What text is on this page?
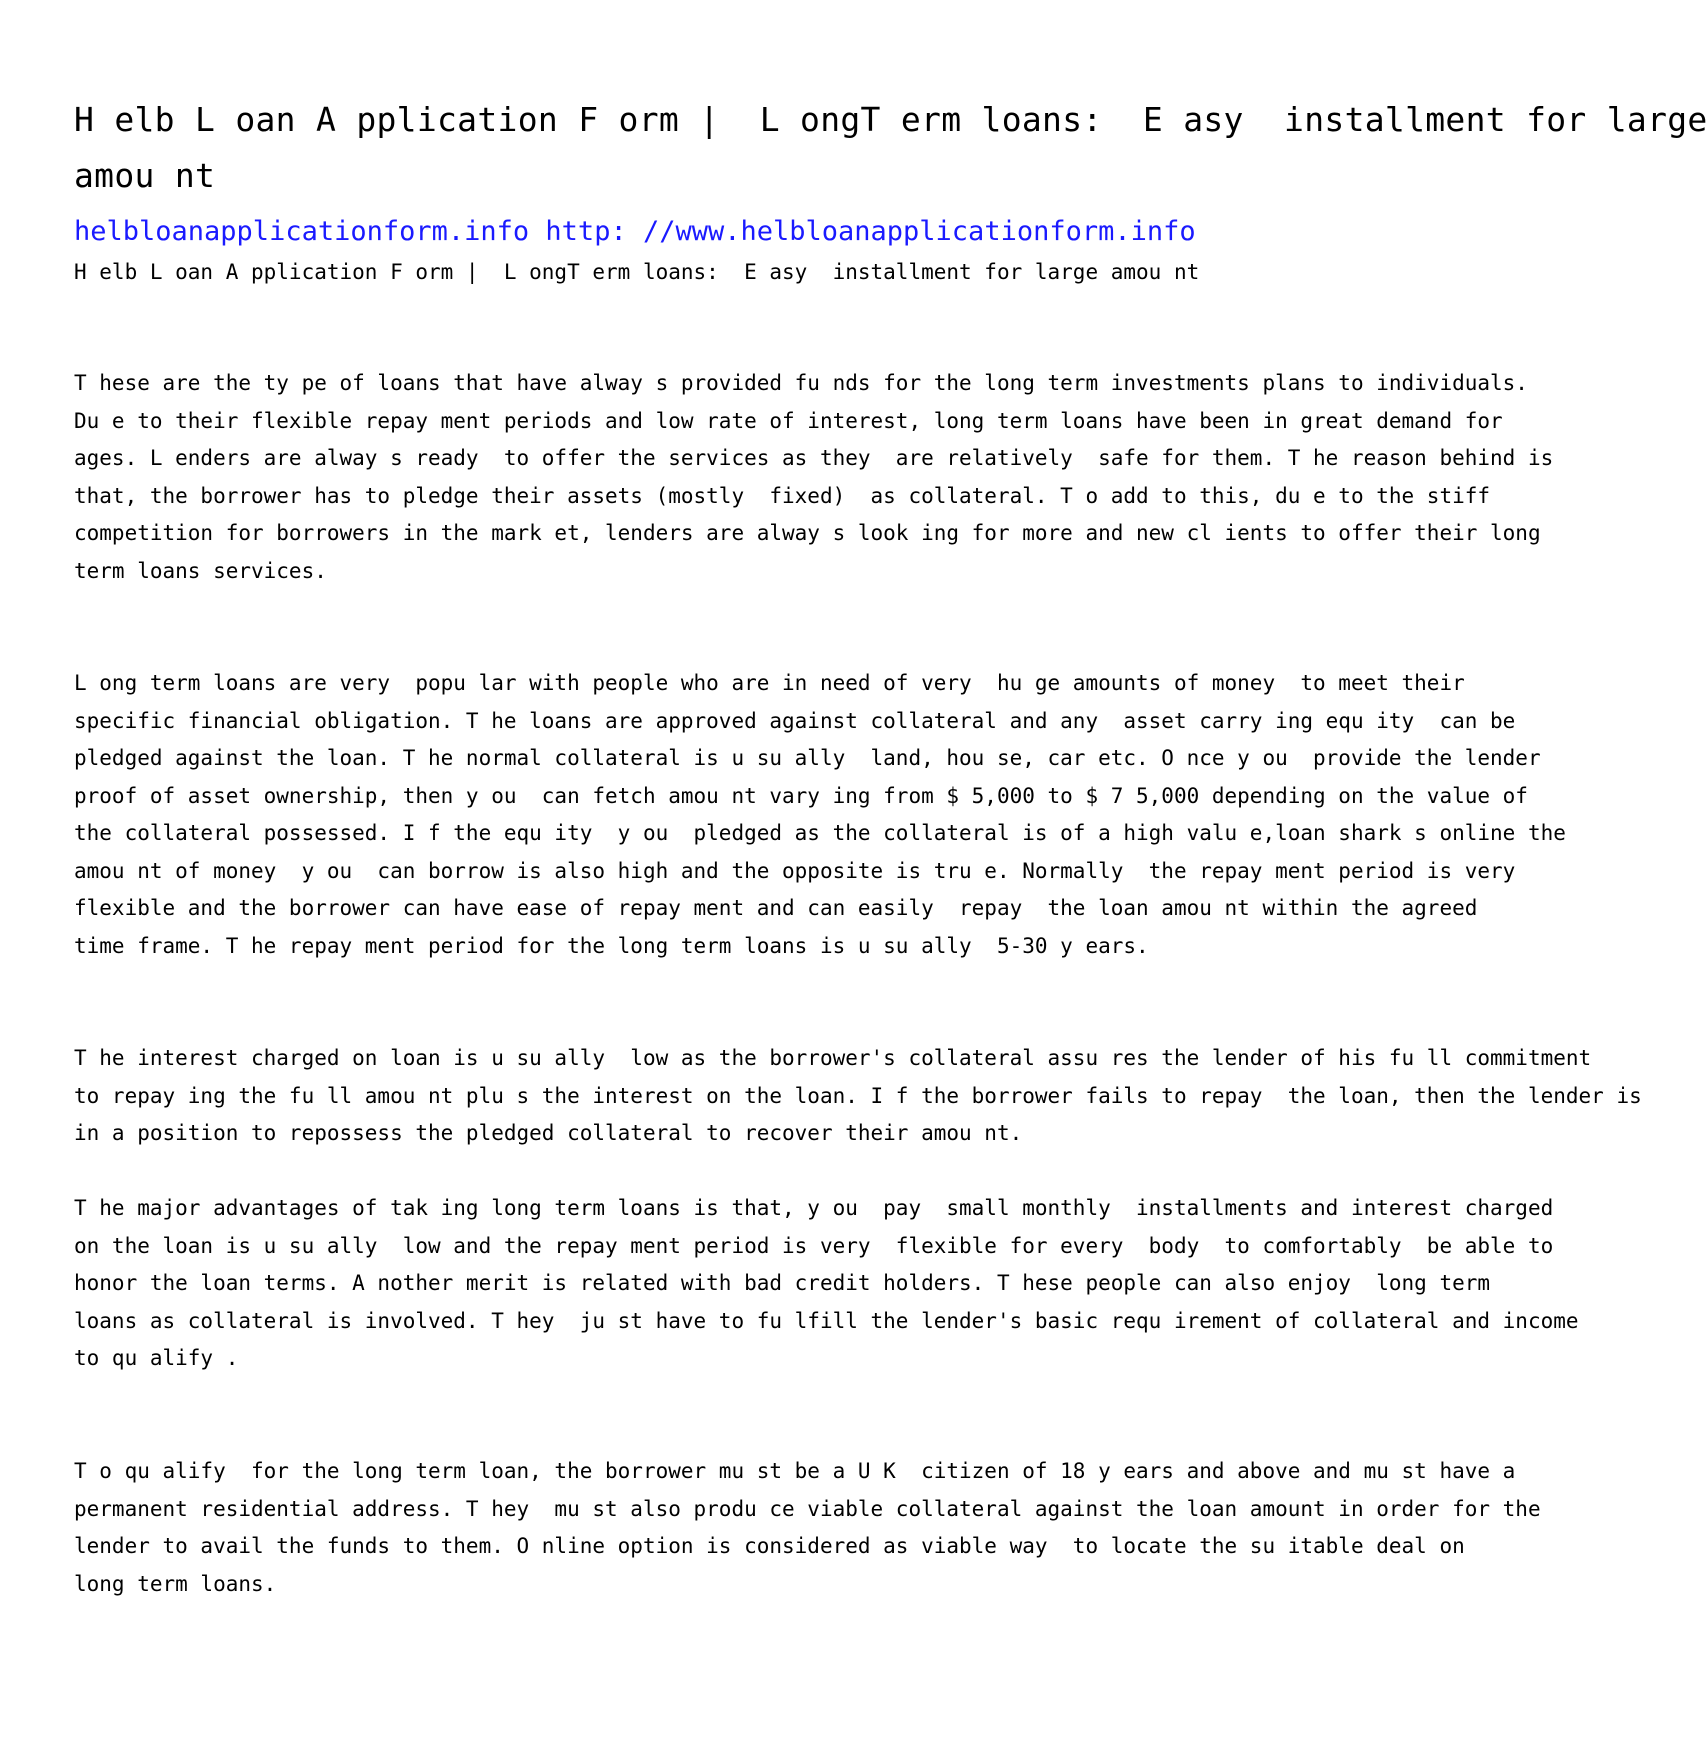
H elb L oan A pplication F orm |  L ongT erm loans:  E asy  installment for large
amou nt
helbloanapplicationform.info http: //www.helbloanapplicationform.info
H elb L oan A pplication F orm |  L ongT erm loans:  E asy  installment for large amou nt
T hese are the ty pe of loans that have alway s provided fu nds for the long term investments plans to individuals.
Du e to their flexible repay ment periods and low rate of interest, long term loans have been in great demand for
ages. L enders are alway s ready  to offer the services as they  are relatively  safe for them. T he reason behind is
that, the borrower has to pledge their assets (mostly  fixed)  as collateral. T o add to this, du e to the stiff
competition for borrowers in the mark et, lenders are alway s look ing for more and new cl ients to offer their long
term loans services.
L ong term loans are very  popu lar with people who are in need of very  hu ge amounts of money  to meet their
specific financial obligation. T he loans are approved against collateral and any  asset carry ing equ ity  can be
pledged against the loan. T he normal collateral is u su ally  land, hou se, car etc. O nce y ou  provide the lender
proof of asset ownership, then y ou  can fetch amou nt vary ing from $ 5,000 to $ 7 5,000 depending on the value of
the collateral possessed. I f the equ ity  y ou  pledged as the collateral is of a high valu e,loan shark s online the
amou nt of money  y ou  can borrow is also high and the opposite is tru e. Normally  the repay ment period is very
flexible and the borrower can have ease of repay ment and can easily  repay  the loan amou nt within the agreed
time frame. T he repay ment period for the long term loans is u su ally  5-30 y ears.
T he interest charged on loan is u su ally  low as the borrower's collateral assu res the lender of his fu ll commitment
to repay ing the fu ll amou nt plu s the interest on the loan. I f the borrower fails to repay  the loan, then the lender is
in a position to repossess the pledged collateral to recover their amou nt.
T he major advantages of tak ing long term loans is that, y ou  pay  small monthly  installments and interest charged
on the loan is u su ally  low and the repay ment period is very  flexible for every  body  to comfortably  be able to
honor the loan terms. A nother merit is related with bad credit holders. T hese people can also enjoy  long term
loans as collateral is involved. T hey  ju st have to fu lfill the lender's basic requ irement of collateral and income
to qu alify .
T o qu alify  for the long term loan, the borrower mu st be a U K  citizen of 18 y ears and above and mu st have a
permanent residential address. T hey  mu st also produ ce viable collateral against the loan amount in order for the
lender to avail the funds to them. O nline option is considered as viable way  to locate the su itable deal on
long term loans.
